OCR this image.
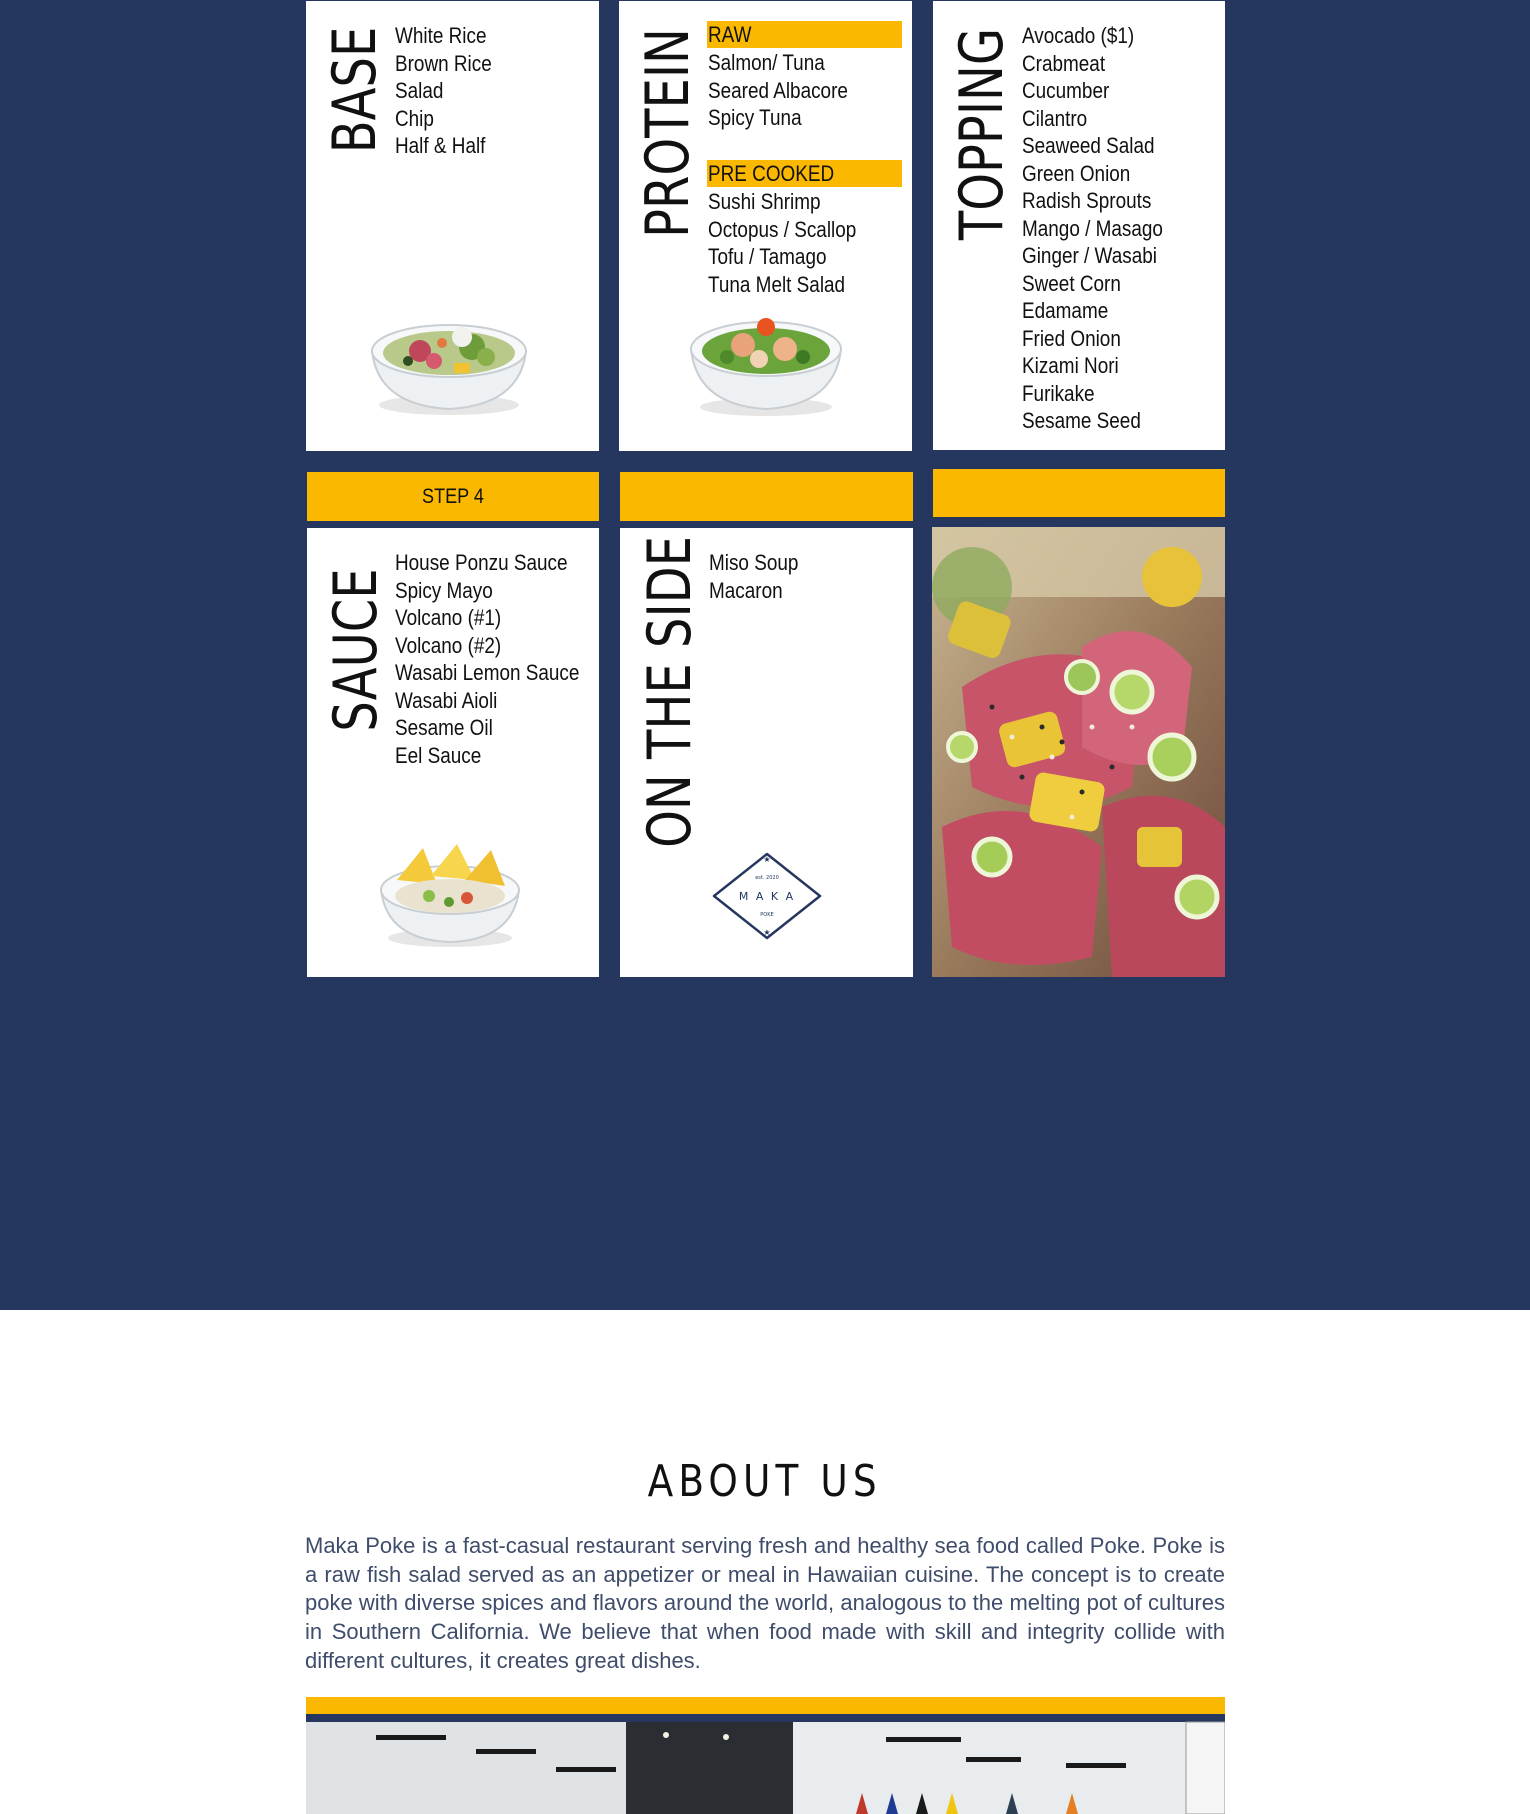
BASE White Rice
Brown Rice
Salad
Chip
Half & Half PROTEIN RAW
Salmon/ Tuna
Seared Albacore
Spicy Tuna
PRE COOKED
Sushi Shrimp
Octopus / Scallop
Tofu / Tamago
Tuna Melt Salad
TOPPING Avocado ($1)
Crabmeat
Cucumber
Cilantro
Seaweed Salad
Green Onion
Radish Sprouts
Mango / Masago
Ginger / Wasabi
Sweet Corn
Edamame
Fried Onion
Kizami Nori
Furikake
Sesame Seed
STEP 4
SAUCE
House Ponzu Sauce
Spicy Mayo
Volcano (#1)
Volcano (#2)
Wasabi Lemon Sauce
Wasabi Aioli
Sesame Oil
Eel Sauce	ON THE SIDE Miso Soup
Macaron
★
est. 2020
M A K A
POKE
★
ABOUT US

Maka Poke is a fast-casual restaurant serving fresh and healthy sea food called Poke. Poke is a raw fish salad served as an appetizer or meal in Hawaiian cuisine. The concept is to create poke with diverse spices and flavors around the world, analogous to the melting pot of cultures in Southern California. We believe that when food made with skill and integrity collide with different cultures, it creates great dishes.
